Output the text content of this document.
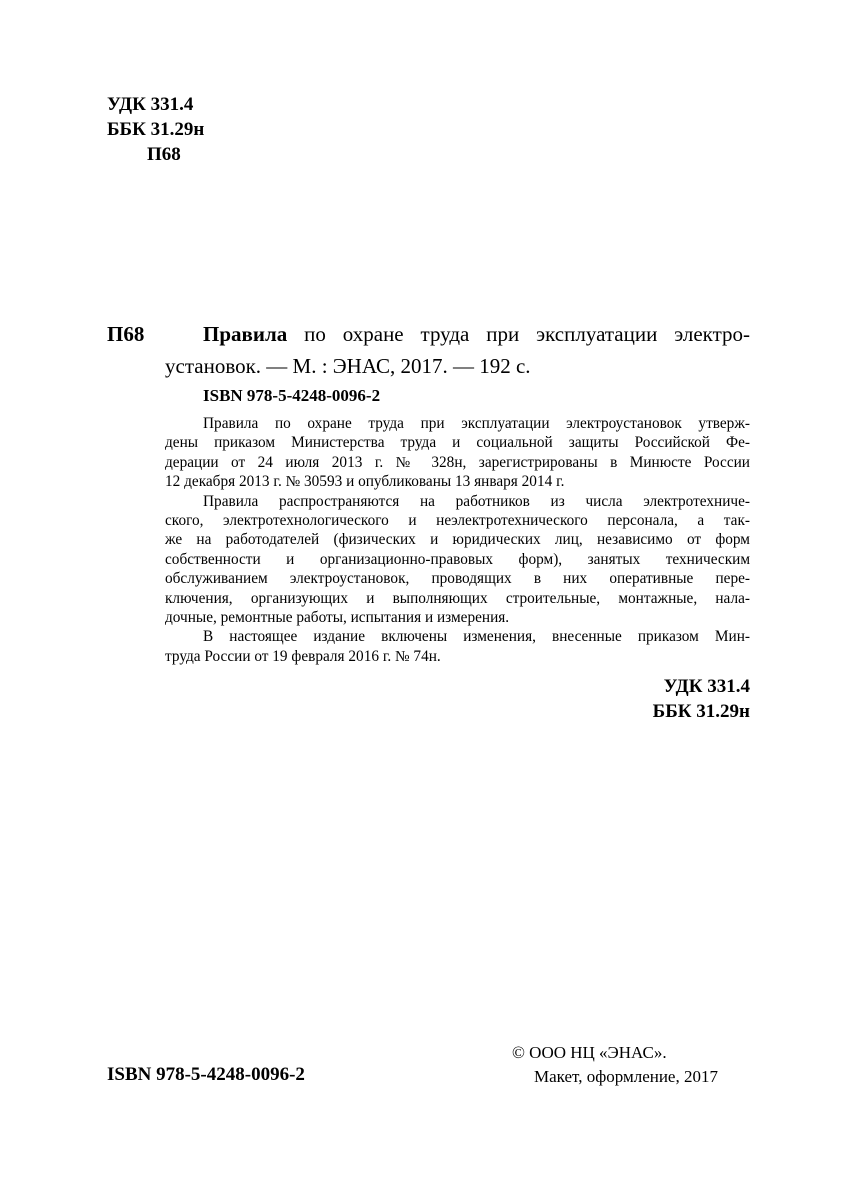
УДК 331.4
ББК 31.29н
П68
П68	Правила по охране труда при эксплуатации электро-
установок. — М. : ЭНАС, 2017. — 192 с.
ISBN 978-5-4248-0096-2
Правила по охране труда при эксплуатации электроустановок утверж-
дены приказом Министерства труда и социальной защиты Российской Фе-
дерации от 24 июля 2013 г. № 328н, зарегистрированы в Минюсте России
12 декабря 2013 г. № 30593 и опубликованы 13 января 2014 г.
Правила распространяются на работников из числа электротехниче-
ского, электротехнологического и неэлектротехнического персонала, а так-
же на работодателей (физических и юридических лиц, независимо от форм
собственности и организационно-правовых форм), занятых техническим
обслуживанием электроустановок, проводящих в них оперативные пере-
ключения, организующих и выполняющих строительные, монтажные, нала-
дочные, ремонтные работы, испытания и измерения.
В настоящее издание включены изменения, внесенные приказом Мин-
труда России от 19 февраля 2016 г. № 74н.
УДК 331.4
ББК 31.29н
© ООО НЦ «ЭНАС».
Макет, оформление, 2017
ISBN 978-5-4248-0096-2
